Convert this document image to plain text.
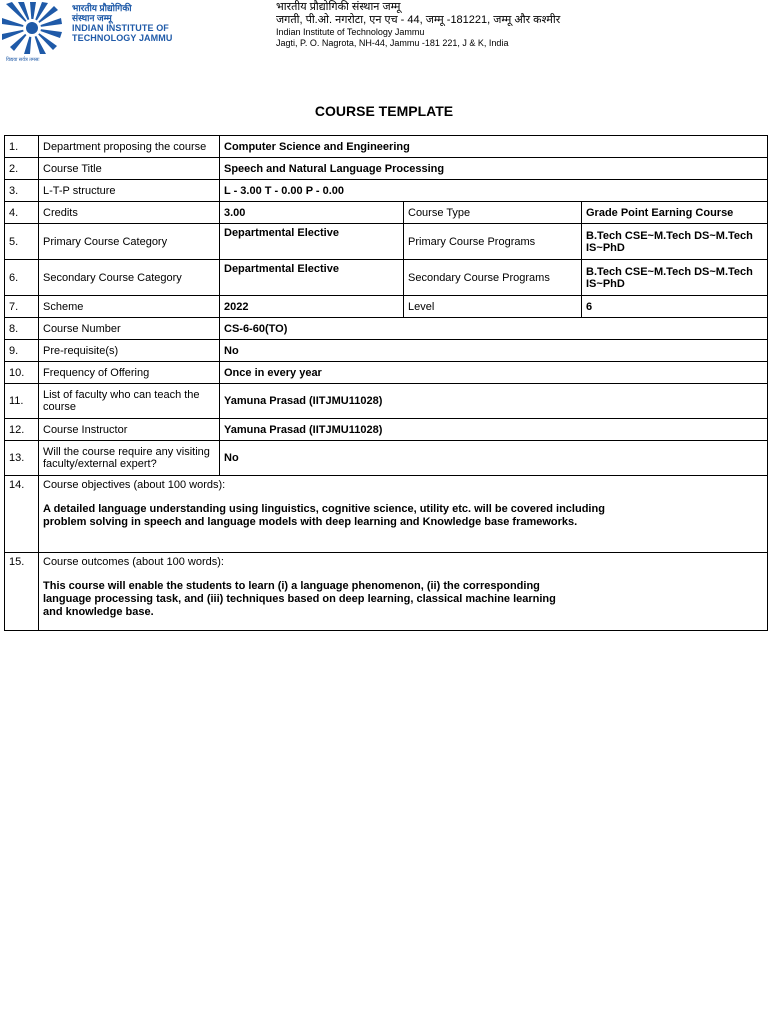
विद्यया सर्वत्र तमसः
भारतीय प्रौद्योगिकी
संस्थान जम्मू
INDIAN INSTITUTE OF
TECHNOLOGY JAMMU
भारतीय प्रौद्योगिकी संस्थान जम्मू
जगती, पी.ओ. नगरोटा, एन एच - 44, जम्मू -181221, जम्मू और कश्मीर
Indian Institute of Technology Jammu
Jagti, P. O. Nagrota, NH-44, Jammu -181 221, J & K, India
COURSE TEMPLATE
1.	Department proposing the course	Computer Science and Engineering		
2.	Course Title	Speech and Natural Language Processing		
3.	L-T-P structure	L - 3.00 T - 0.00 P - 0.00		
4.	Credits	3.00	Course Type	Grade Point Earning Course
5.	Primary Course Category	Departmental Elective	Primary Course Programs	B.Tech CSE~M.Tech DS~M.Tech IS~PhD
6.	Secondary Course Category	Departmental Elective	Secondary Course Programs	B.Tech CSE~M.Tech DS~M.Tech IS~PhD
7.	Scheme	2022	Level	6
8.	Course Number	CS-6-60(TO)		
9.	Pre-requisite(s)	No		
10.	Frequency of Offering	Once in every year		
11.	List of faculty who can teach the course	Yamuna Prasad (IITJMU11028)		
12.	Course Instructor	Yamuna Prasad (IITJMU11028)		
13.	Will the course require any visiting faculty/external expert?	No		
14.	Course objectives (about 100 words):
A detailed language understanding using linguistics, cognitive science, utility etc. will be covered including problem solving in speech and language models with deep learning and Knowledge base frameworks.			

15.	Course outcomes (about 100 words):
This course will enable the students to learn (i) a language phenomenon, (ii) the corresponding language processing task, and (iii) techniques based on deep learning, classical machine learning and knowledge base.			
